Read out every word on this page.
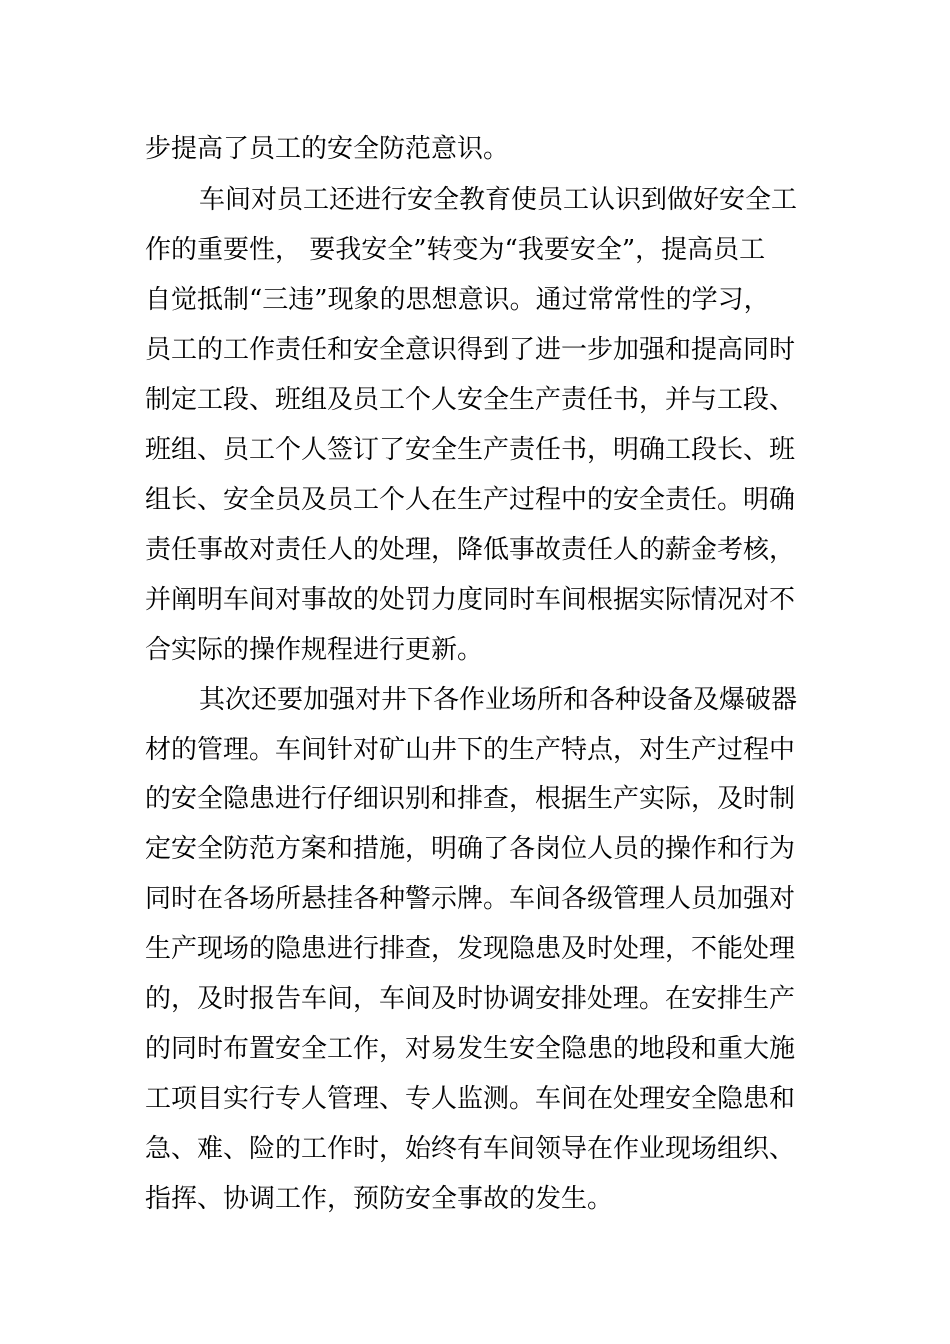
步提高了员工的安全防范意识。

车间对员工还进行安全教育使员工认识到做好安全工

作的重要性， 要我安全”转变为“我要安全”，提高员工

自觉抵制“三违”现象的思想意识。通过常常性的学习，

员工的工作责任和安全意识得到了进一步加强和提高同时

制定工段、班组及员工个人安全生产责任书，并与工段、

班组、员工个人签订了安全生产责任书，明确工段长、班

组长、安全员及员工个人在生产过程中的安全责任。明确

责任事故对责任人的处理，降低事故责任人的薪金考核，

并阐明车间对事故的处罚力度同时车间根据实际情况对不

合实际的操作规程进行更新。

其次还要加强对井下各作业场所和各种设备及爆破器

材的管理。车间针对矿山井下的生产特点，对生产过程中

的安全隐患进行仔细识别和排查，根据生产实际，及时制

定安全防范方案和措施，明确了各岗位人员的操作和行为

同时在各场所悬挂各种警示牌。车间各级管理人员加强对

生产现场的隐患进行排查，发现隐患及时处理，不能处理

的，及时报告车间，车间及时协调安排处理。在安排生产

的同时布置安全工作，对易发生安全隐患的地段和重大施

工项目实行专人管理、专人监测。车间在处理安全隐患和

急、难、险的工作时，始终有车间领导在作业现场组织、

指挥、协调工作，预防安全事故的发生。
